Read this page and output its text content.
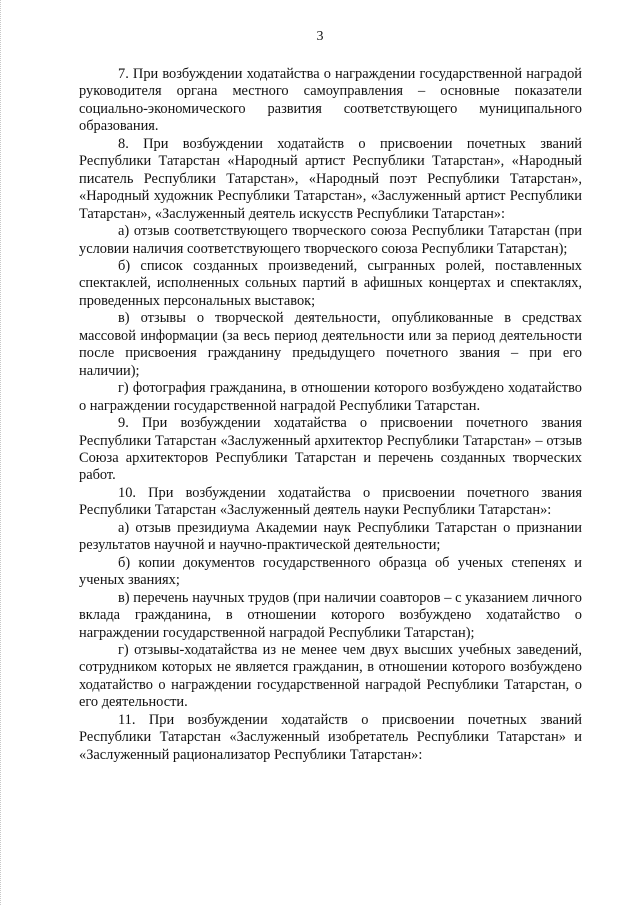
3

7. При возбуждении ходатайства о награждении государственной наградой руководителя органа местного самоуправления – основные показатели социально-экономического развития соответствующего муниципального образования.

8. При возбуждении ходатайств о присвоении почетных званий Республики Татарстан «Народный артист Республики Татарстан», «Народный писатель Республики Татарстан», «Народный поэт Республики Татарстан», «Народный художник Республики Татарстан», «Заслуженный артист Республики Татарстан», «Заслуженный деятель искусств Республики Татарстан»:

а) отзыв соответствующего творческого союза Республики Татарстан (при условии наличия соответствующего творческого союза Республики Татарстан);

б) список созданных произведений, сыгранных ролей, поставленных спектаклей, исполненных сольных партий в афишных концертах и спектаклях, проведенных персональных выставок;

в) отзывы о творческой деятельности, опубликованные в средствах массовой информации (за весь период деятельности или за период деятельности после присвоения гражданину предыдущего почетного звания – при его наличии);

г) фотография гражданина, в отношении которого возбуждено ходатайство о награждении государственной наградой Республики Татарстан.

9. При возбуждении ходатайства о присвоении почетного звания Республики Татарстан «Заслуженный архитектор Республики Татарстан» – отзыв Союза архитекторов Республики Татарстан и перечень созданных творческих работ.

10. При возбуждении ходатайства о присвоении почетного звания Республики Татарстан «Заслуженный деятель науки Республики Татарстан»:

а) отзыв президиума Академии наук Республики Татарстан о признании результатов научной и научно-практической деятельности;

б) копии документов государственного образца об ученых степенях и ученых званиях;

в) перечень научных трудов (при наличии соавторов – с указанием личного вклада гражданина, в отношении которого возбуждено ходатайство о награждении государственной наградой Республики Татарстан);

г) отзывы-ходатайства из не менее чем двух высших учебных заведений, сотрудником которых не является гражданин, в отношении которого возбуждено ходатайство о награждении государственной наградой Республики Татарстан, о его деятельности.

11. При возбуждении ходатайств о присвоении почетных званий Республики Татарстан «Заслуженный изобретатель Республики Татарстан» и «Заслуженный рационализатор Республики Татарстан»:
